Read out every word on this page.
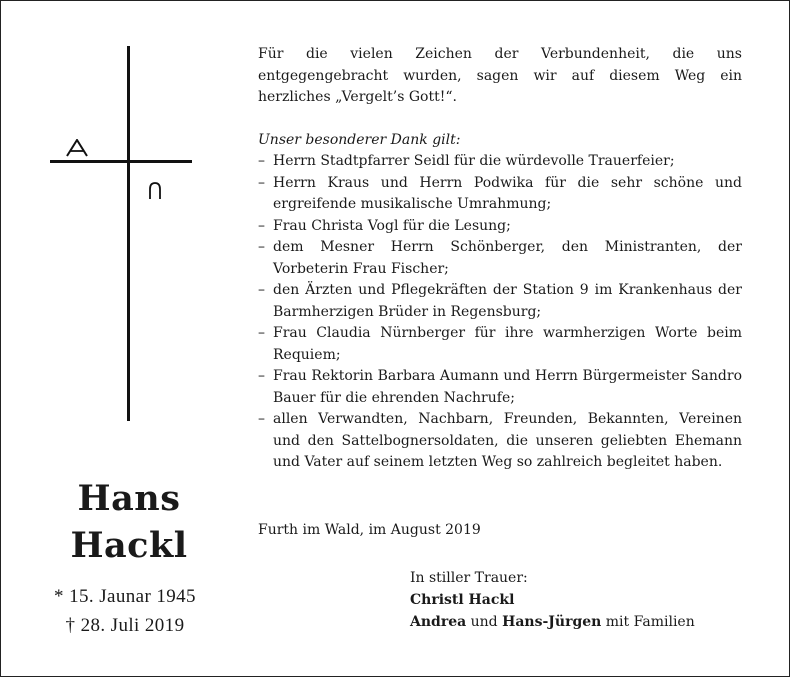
Hans
Hackl
* 15. Jaunar 1945
† 28. Juli 2019
Für die vielen Zeichen der Verbundenheit, die uns entgegengebracht wurden, sagen wir auf diesem Weg ein herzliches „Vergelt’s Gott!“.
Unser besonderer Dank gilt:
– Herrn Stadtpfarrer Seidl für die würdevolle Trauerfeier;
– Herrn Kraus und Herrn Podwika für die sehr schöne und ergreifende musikalische Umrahmung;
– Frau Christa Vogl für die Lesung;
– dem Mesner Herrn Schönberger, den Ministranten, der Vorbeterin Frau Fischer;
– den Ärzten und Pflegekräften der Station 9 im Krankenhaus der Barmherzigen Brüder in Regensburg;
– Frau Claudia Nürnberger für ihre warmherzigen Worte beim Requiem;
– Frau Rektorin Barbara Aumann und Herrn Bürgermeister Sandro Bauer für die ehrenden Nachrufe;
– allen Verwandten, Nachbarn, Freunden, Bekannten, Vereinen und den Sattelbognersoldaten, die unseren geliebten Ehemann und Vater auf seinem letzten Weg so zahlreich begleitet haben.
Furth im Wald, im August 2019
In stiller Trauer:
Christl Hackl
Andrea und Hans-Jürgen mit Familien
